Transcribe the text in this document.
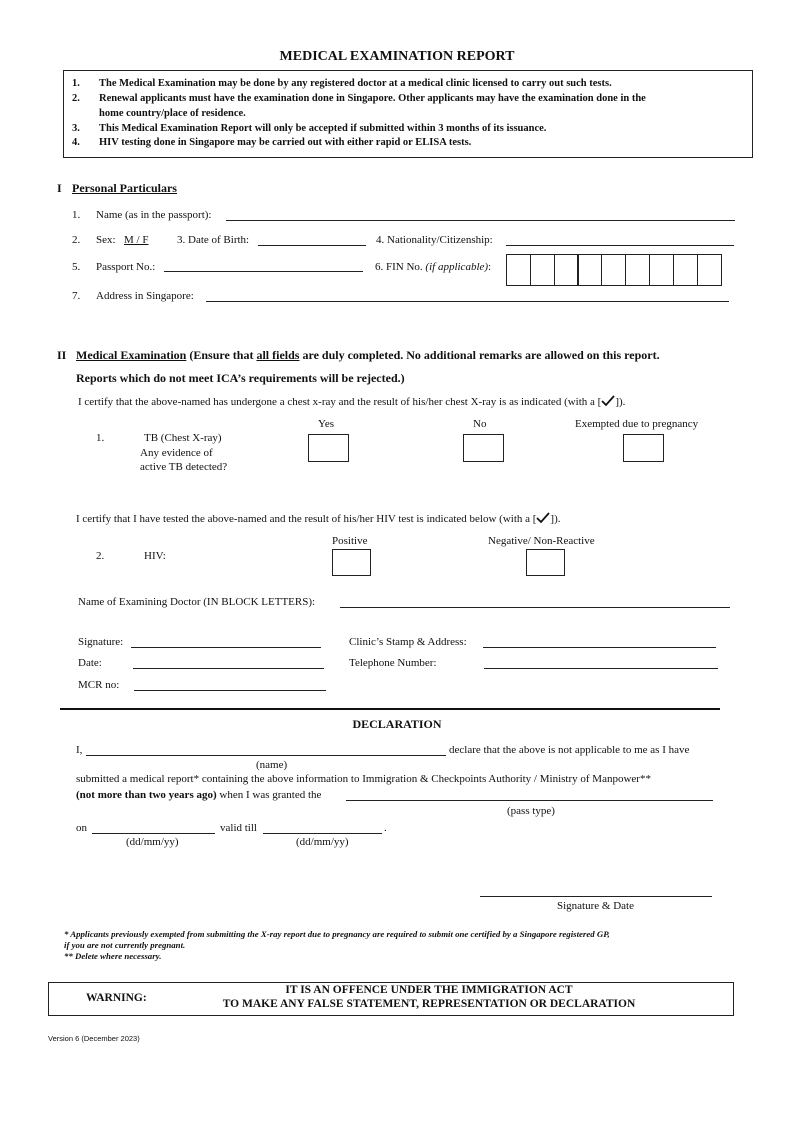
MEDICAL EXAMINATION REPORT
1. The Medical Examination may be done by any registered doctor at a medical clinic licensed to carry out such tests.
2. Renewal applicants must have the examination done in Singapore. Other applicants may have the examination done in the
home country/place of residence.
3. This Medical Examination Report will only be accepted if submitted within 3 months of its issuance.
4. HIV testing done in Singapore may be carried out with either rapid or ELISA tests.
I Personal Particulars
1. Name (as in the passport):
2. Sex: M / F	3. Date of Birth:	4. Nationality/Citizenship:
5. Passport No.:	6. FIN No. (if applicable):
7. Address in Singapore:
II Medical Examination (Ensure that all fields are duly completed. No additional remarks are allowed on this report.
Reports which do not meet ICA’s requirements will be rejected.)
I certify that the above-named has undergone a chest x-ray and the result of his/her chest X-ray is as indicated (with a [ ]).
Yes	No	Exempted due to pregnancy
1.	TB (Chest X-ray)
Any evidence of
active TB detected?
I certify that I have tested the above-named and the result of his/her HIV test is indicated below (with a [ ]).
Positive	Negative/ Non-Reactive
2.	HIV:
Name of Examining Doctor (IN BLOCK LETTERS):
Signature:	Clinic’s Stamp & Address:
Date:	Telephone Number:
MCR no:
DECLARATION
I,	declare that the above is not applicable to me as I have
(name)
submitted a medical report* containing the above information to Immigration & Checkpoints Authority / Ministry of Manpower**
(not more than two years ago) when I was granted the
(pass type)
on	valid till	.
(dd/mm/yy)	(dd/mm/yy)
Signature & Date
* Applicants previously exempted from submitting the X-ray report due to pregnancy are required to submit one certified by a Singapore registered GP,
if you are not currently pregnant.
** Delete where necessary.
WARNING:
IT IS AN OFFENCE UNDER THE IMMIGRATION ACT
TO MAKE ANY FALSE STATEMENT, REPRESENTATION OR DECLARATION
Version 6 (December 2023)
